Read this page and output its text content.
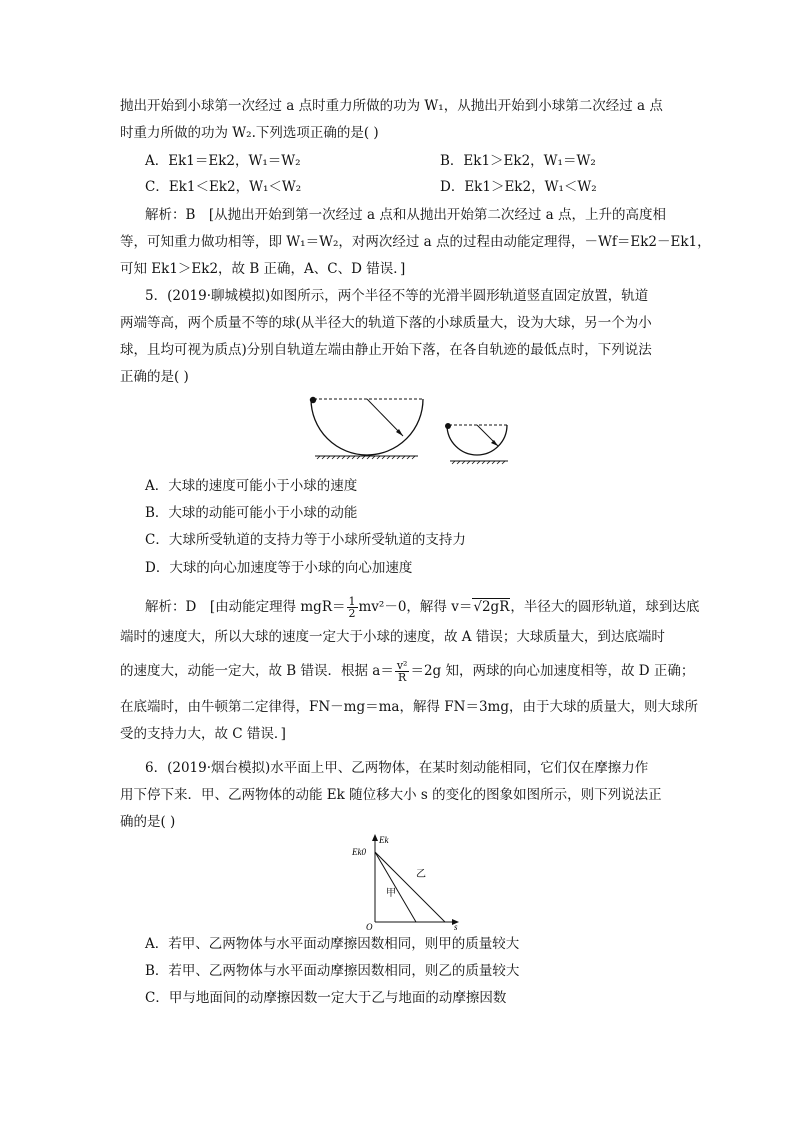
抛出开始到小球第一次经过 a 点时重力所做的功为 W₁，从抛出开始到小球第二次经过 a 点
时重力所做的功为 W₂.下列选项正确的是( )
A．Ek1＝Ek2，W₁＝W₂	B．Ek1＞Ek2，W₁＝W₂
C．Ek1＜Ek2，W₁＜W₂	D．Ek1＞Ek2，W₁＜W₂
解析：B　[从抛出开始到第一次经过 a 点和从抛出开始第二次经过 a 点，上升的高度相
等，可知重力做功相等，即 W₁＝W₂，对两次经过 a 点的过程由动能定理得，－Wf＝Ek2－Ek1，
可知 Ek1＞Ek2，故 B 正确，A、C、D 错误．]
5．(2019·聊城模拟)如图所示，两个半径不等的光滑半圆形轨道竖直固定放置，轨道
两端等高，两个质量不等的球(从半径大的轨道下落的小球质量大，设为大球，另一个为小
球，且均可视为质点)分别自轨道左端由静止开始下落，在各自轨迹的最低点时，下列说法
正确的是( )
A．大球的速度可能小于小球的速度
B．大球的动能可能小于小球的动能
C．大球所受轨道的支持力等于小球所受轨道的支持力
D．大球的向心加速度等于小球的向心加速度
解析：D　[由动能定理得 $mgR= \frac{1}{2} mv^2-0$，解得 v＝√2gR，半径大的圆形轨道，球到达底
端时的速度大，所以大球的速度一定大于小球的速度，故 A 错误；大球质量大，到达底端时
的速度大，动能一定大，故 B 错误．根据 $a= \frac{\text{v²}}{R} =2g$ 知，两球的向心加速度相等，故 D 正确；
在底端时，由牛顿第二定律得，FN－mg＝ma，解得 FN＝3mg，由于大球的质量大，则大球所
受的支持力大，故 C 错误．]
6．(2019·烟台模拟)水平面上甲、乙两物体，在某时刻动能相同，它们仅在摩擦力作
用下停下来．甲、乙两物体的动能 Ek 随位移大小 s 的变化的图象如图所示，则下列说法正
确的是( )
Ek
Ek0
O	s
甲
乙
A．若甲、乙两物体与水平面动摩擦因数相同，则甲的质量较大
B．若甲、乙两物体与水平面动摩擦因数相同，则乙的质量较大
C．甲与地面间的动摩擦因数一定大于乙与地面的动摩擦因数
